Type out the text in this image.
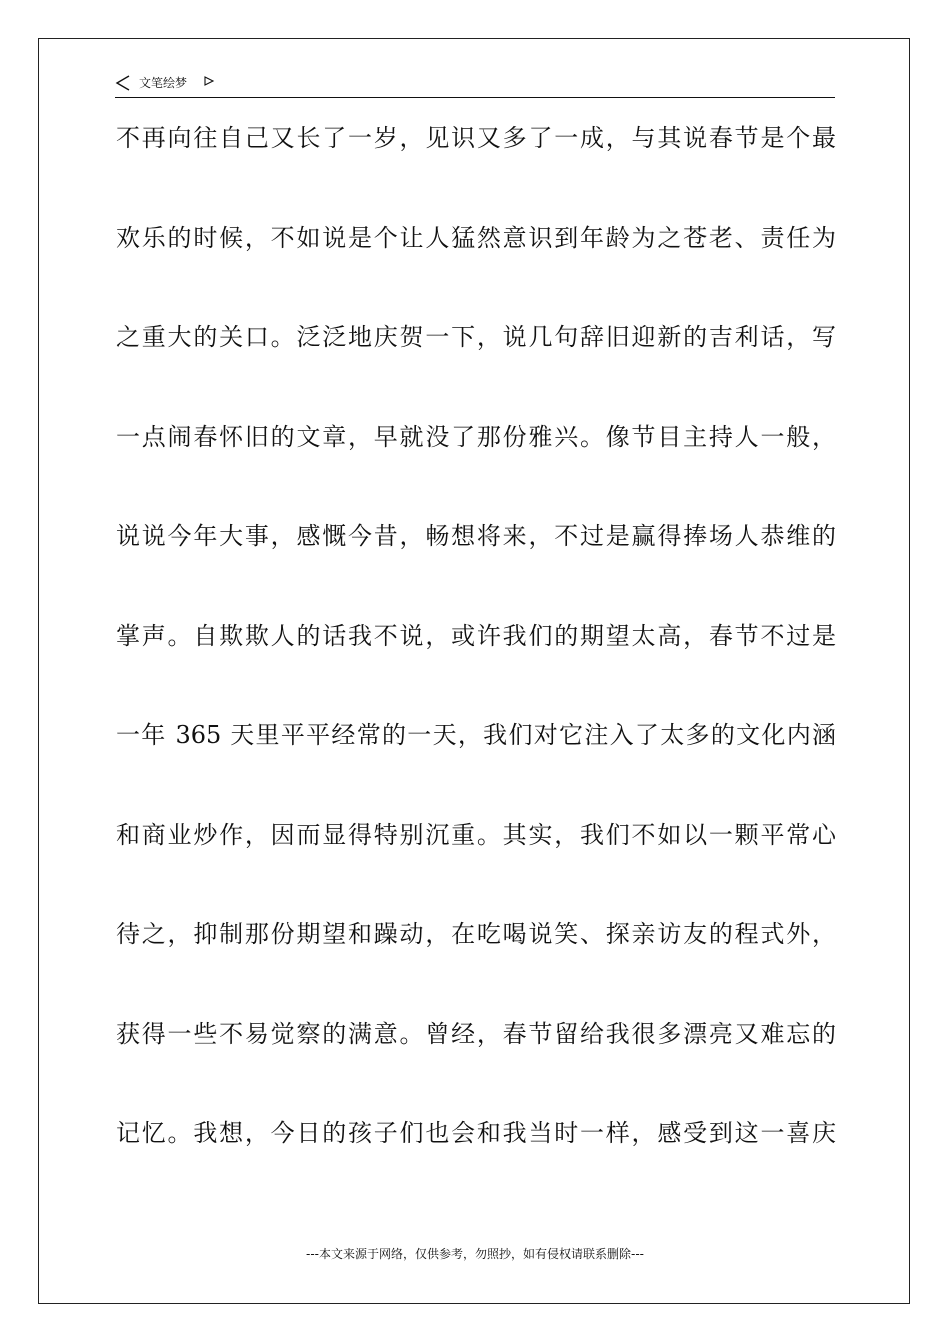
文笔绘梦
不再向往自己又长了一岁，见识又多了一成，与其说春节是个最
欢乐的时候，不如说是个让人猛然意识到年龄为之苍老、责任为
之重大的关口。泛泛地庆贺一下，说几句辞旧迎新的吉利话，写
一点闹春怀旧的文章，早就没了那份雅兴。像节目主持人一般，
说说今年大事，感慨今昔，畅想将来，不过是赢得捧场人恭维的
掌声。自欺欺人的话我不说，或许我们的期望太高，春节不过是
一年 365 天里平平经常的一天，我们对它注入了太多的文化内涵
和商业炒作，因而显得特别沉重。其实，我们不如以一颗平常心
待之，抑制那份期望和躁动，在吃喝说笑、探亲访友的程式外，
获得一些不易觉察的满意。曾经，春节留给我很多漂亮又难忘的
记忆。我想，今日的孩子们也会和我当时一样，感受到这一喜庆
---本文来源于网络，仅供参考，勿照抄，如有侵权请联系删除---
